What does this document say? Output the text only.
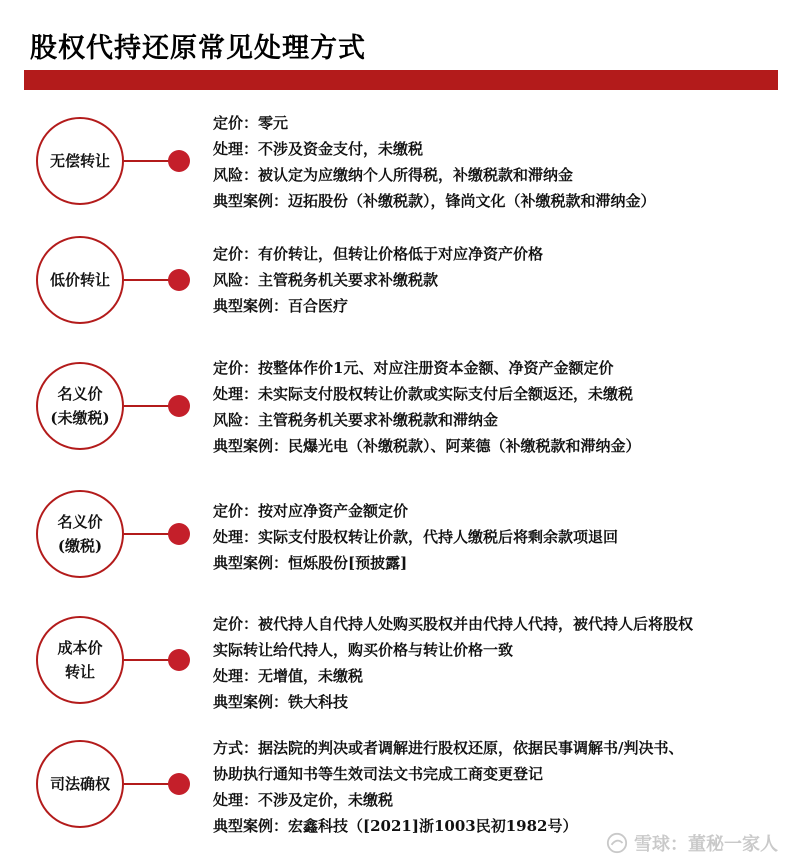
股权代持还原常见处理方式
无偿转让
定价：零元
处理：不涉及资金支付，未缴税
风险：被认定为应缴纳个人所得税，补缴税款和滞纳金
典型案例：迈拓股份（补缴税款），锋尚文化（补缴税款和滞纳金）
低价转让
定价：有价转让，但转让价格低于对应净资产价格
风险：主管税务机关要求补缴税款
典型案例：百合医疗
名义价
(未缴税)
定价：按整体作价1元、对应注册资本金额、净资产金额定价
处理：未实际支付股权转让价款或实际支付后全额返还，未缴税
风险：主管税务机关要求补缴税款和滞纳金
典型案例：民爆光电（补缴税款）、阿莱德（补缴税款和滞纳金）
名义价
(缴税)
定价：按对应净资产金额定价
处理：实际支付股权转让价款，代持人缴税后将剩余款项退回
典型案例：恒烁股份[预披露]
成本价
转让
定价：被代持人自代持人处购买股权并由代持人代持，被代持人后将股权
实际转让给代持人，购买价格与转让价格一致
处理：无增值，未缴税
典型案例：铁大科技
司法确权
方式：据法院的判决或者调解进行股权还原，依据民事调解书/判决书、
协助执行通知书等生效司法文书完成工商变更登记
处理：不涉及定价，未缴税
典型案例：宏鑫科技（[2021]浙1003民初1982号）
雪球：董秘一家人
